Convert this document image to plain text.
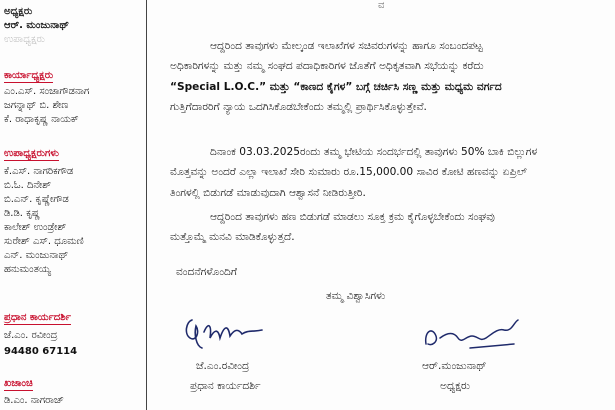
ಅಧ್ಯಕ್ಷರು
ಆರ್. ಮಂಜುನಾಥ್
ಉಪಾಧ್ಯಕ್ಷರು
ಕಾರ್ಯಾಧ್ಯಕ್ಷರು
ಎಂ.ಎಸ್. ಸಂಜಾಗೌಡನಾಗ
ಜಗನ್ನಾಥ್ ಬಿ. ಶೇಣ
ಕೆ. ರಾಧಾಕೃಷ್ಣ ನಾಯಕ್
ಉಪಾಧ್ಯಕ್ಷರುಗಳು
ಕೆ.ಎಸ್. ನಾಗರಿಕಗೌಡ
ಬಿ.ಓ. ದಿನೇಶ್
ಬಿ.ಎನ್. ಕೃಷ್ಣೇಗೌಡ
ಡಿ.ಡಿ. ಕೃಷ್ಣ
ಕಾಲೇಶ್ ಉಂಡ್ರೇಶ್
ಸುರೇಶ್ ಎಸ್. ಧೂಮಣಿ
ಎನ್. ಮಂಜುನಾಥ್
ಹನುಮಂತಯ್ಯ
ಪ್ರಧಾನ ಕಾರ್ಯದರ್ಶಿ
ಜೆ.ಎಂ. ರವೀಂದ್ರ
94480 67114
ಖಜಾಂಚಿ
ಡಿ.ಎಂ. ನಾಗರಾಜ್
ವ
ಆದ್ದರಿಂದ ತಾವುಗಳು ಮೇಲ್ಕಂಡ ಇಲಾಖೆಗಳ ಸಚಿವರುಗಳನ್ನು ಹಾಗೂ ಸಂಬಂದಪಟ್ಟ
ಅಧಿಕಾರಿಗಳನ್ನು ಮತ್ತು ನಮ್ಮ ಸಂಘದ ಪದಾಧಿಕಾರಿಗಳ ಜೊತೆಗೆ ಅಧಿಕೃತವಾಗಿ ಸಭೆಯನ್ನು ಕರೆದು
“Special L.O.C.” ಮತ್ತು “ಕಾಣದ ಕೈಗಳ” ಬಗ್ಗೆ ಚರ್ಚಿಸಿ ಸಣ್ಣ ಮತ್ತು ಮಧ್ಯಮ ವರ್ಗದ
ಗುತ್ತಿಗೆದಾರರಿಗೆ ನ್ಯಾಯ ಒದಗಿಸಿಕೊಡಬೇಕೆಂದು ತಮ್ಮಲ್ಲಿ ಪ್ರಾರ್ಥಿಸಿಕೊಳ್ಳುತ್ತೇವೆ.
ದಿನಾಂಕ 03.03.2025ರಂದು ತಮ್ಮ ಭೇಟಿಯ ಸಂದರ್ಭದಲ್ಲಿ ತಾವುಗಳು 50% ಬಾಕಿ ಬಿಲ್ಲುಗಳ
ಮೊತ್ತವನ್ನು ಅಂದರೆ ಎಲ್ಲಾ ಇಲಾಖೆ ಸೇರಿ ಸುಮಾರು ರೂ.15,000.00 ಸಾವಿರ ಕೋಟಿ ಹಣವನ್ನು ಏಪ್ರಿಲ್
ತಿಂಗಳಲ್ಲಿ ಬಿಡುಗಡೆ ಮಾಡುವುದಾಗಿ ಆಶ್ವಾಸನೆ ನೀಡಿರುತ್ತೀರಿ.
ಆದ್ದರಿಂದ ತಾವುಗಳು ಹಣ ಬಿಡುಗಡೆ ಮಾಡಲು ಸೂಕ್ತ ಕ್ರಮ ಕೈಗೊಳ್ಳಬೇಕೆಂದು ಸಂಘವು
ಮತ್ತೊಮ್ಮೆ ಮನವಿ ಮಾಡಿಕೊಳ್ಳುತ್ತದೆ.
ವಂದನೆಗಳೊಂದಿಗೆ
ತಮ್ಮ ವಿಶ್ವಾಸಿಗಳು
ಜೆ.ಎಂ.ರವೀಂದ್ರ
ಪ್ರಧಾನ ಕಾರ್ಯದರ್ಶಿ
ಆರ್.ಮಂಜುನಾಥ್
ಅಧ್ಯಕ್ಷರು
